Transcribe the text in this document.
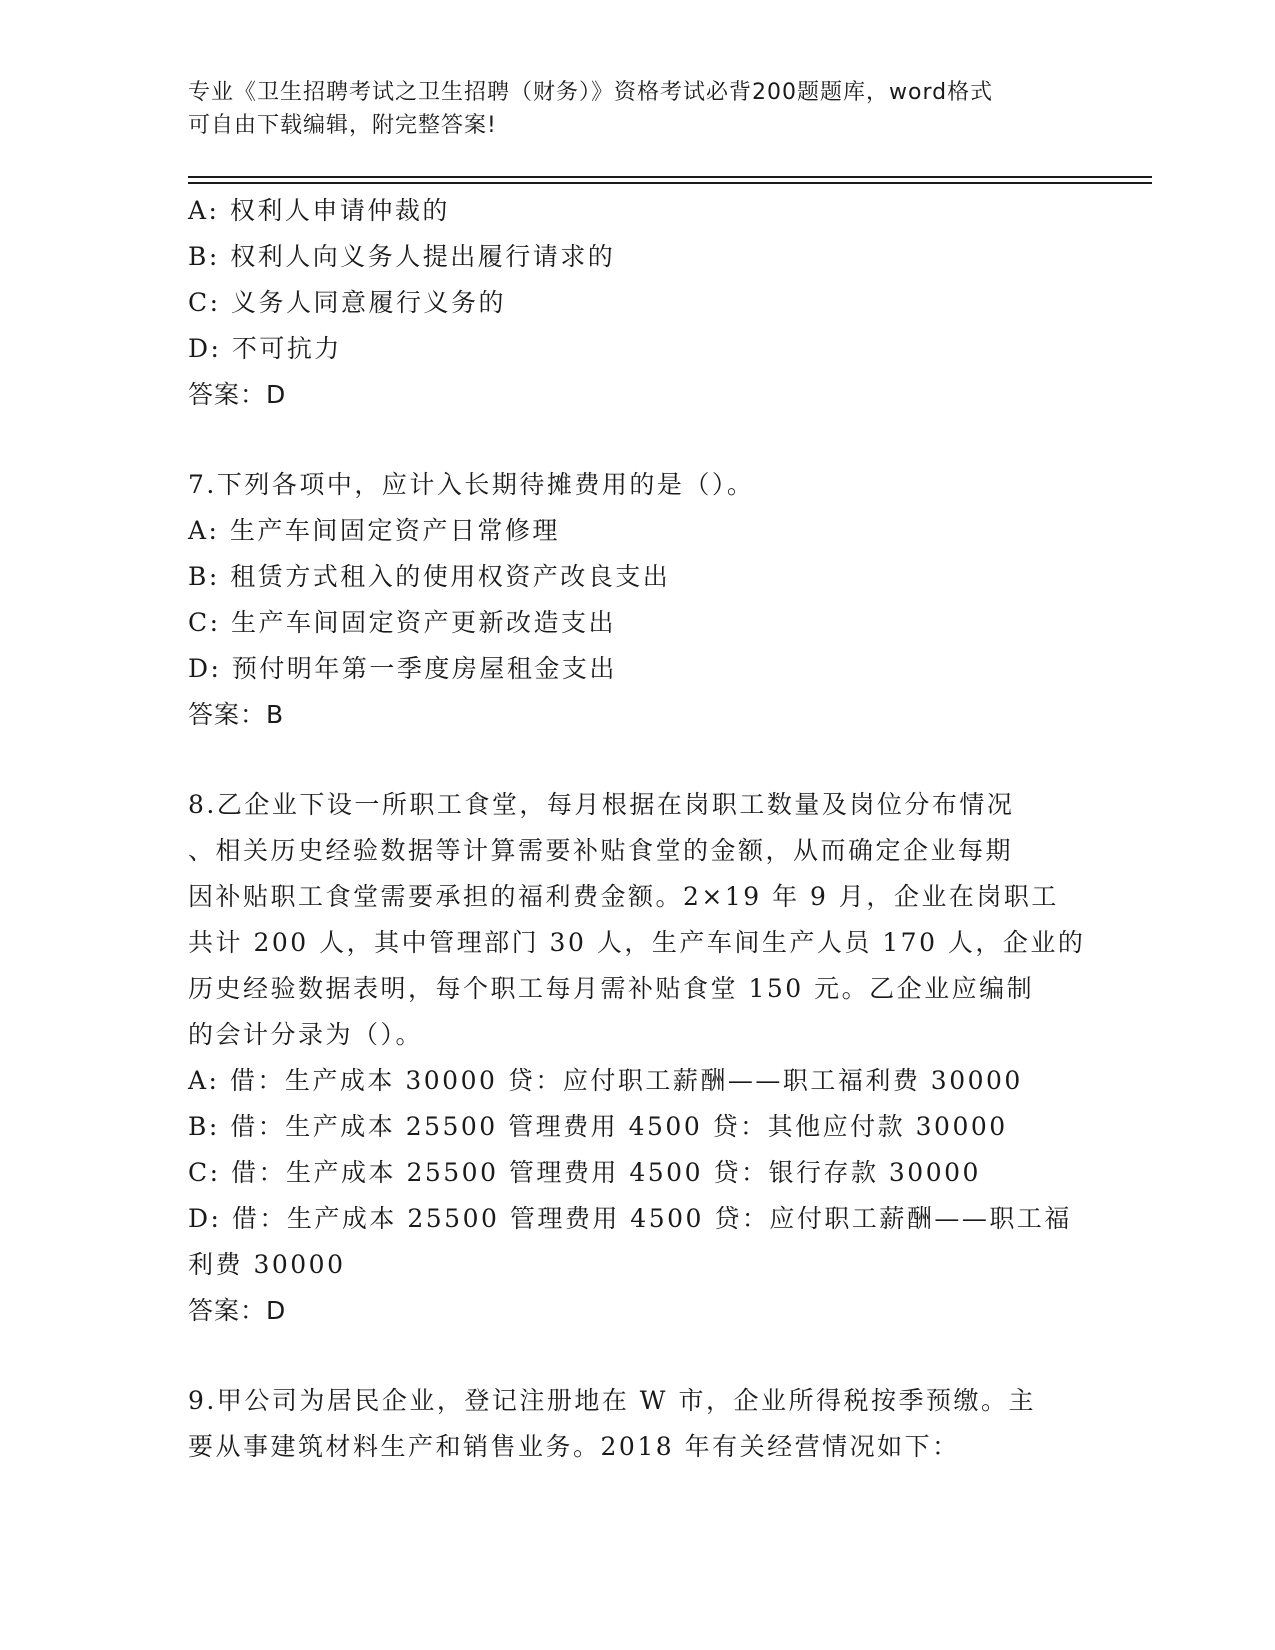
专业《卫生招聘考试之卫生招聘（财务）》资格考试必背200题题库，word格式
可自由下载编辑，附完整答案!
A: 权利人申请仲裁的
B: 权利人向义务人提出履行请求的
C: 义务人同意履行义务的
D: 不可抗力
答案：D
7.下列各项中，应计入长期待摊费用的是（）。
A: 生产车间固定资产日常修理
B: 租赁方式租入的使用权资产改良支出
C: 生产车间固定资产更新改造支出
D: 预付明年第一季度房屋租金支出
答案：B
8.乙企业下设一所职工食堂，每月根据在岗职工数量及岗位分布情况
、相关历史经验数据等计算需要补贴食堂的金额，从而确定企业每期
因补贴职工食堂需要承担的福利费金额。2×19 年 9 月，企业在岗职工
共计 200 人，其中管理部门 30 人，生产车间生产人员 170 人，企业的
历史经验数据表明，每个职工每月需补贴食堂 150 元。乙企业应编制
的会计分录为（）。
A: 借：生产成本 30000 贷：应付职工薪酬——职工福利费 30000
B: 借：生产成本 25500 管理费用 4500 贷：其他应付款 30000
C: 借：生产成本 25500 管理费用 4500 贷：银行存款 30000
D: 借：生产成本 25500 管理费用 4500 贷：应付职工薪酬——职工福
利费 30000
答案：D
9.甲公司为居民企业，登记注册地在 W 市，企业所得税按季预缴。主
要从事建筑材料生产和销售业务。2018 年有关经营情况如下：
